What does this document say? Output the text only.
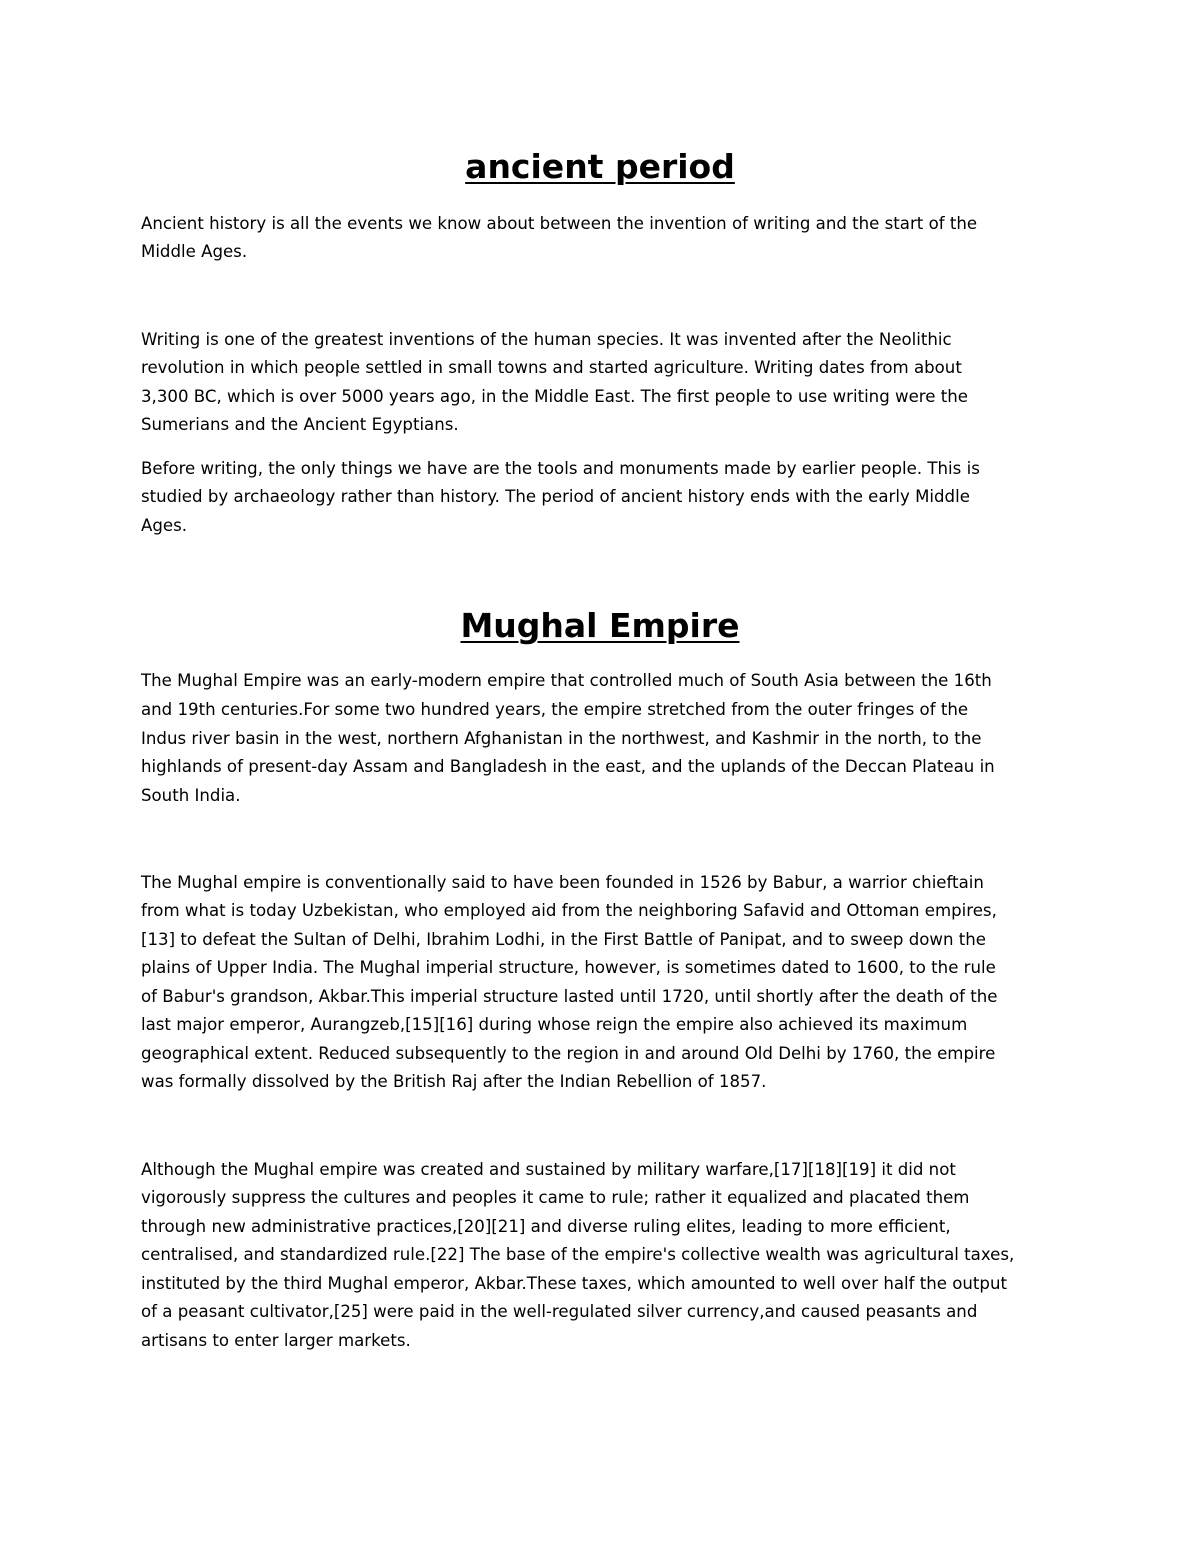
ancient period

Ancient history is all the events we know about between the invention of writing and the start of the

Middle Ages.

Writing is one of the greatest inventions of the human species. It was invented after the Neolithic

revolution in which people settled in small towns and started agriculture. Writing dates from about

3,300 BC, which is over 5000 years ago, in the Middle East. The first people to use writing were the

Sumerians and the Ancient Egyptians.

Before writing, the only things we have are the tools and monuments made by earlier people. This is

studied by archaeology rather than history. The period of ancient history ends with the early Middle

Ages.

Mughal Empire

The Mughal Empire was an early-modern empire that controlled much of South Asia between the 16th

and 19th centuries.For some two hundred years, the empire stretched from the outer fringes of the

Indus river basin in the west, northern Afghanistan in the northwest, and Kashmir in the north, to the

highlands of present-day Assam and Bangladesh in the east, and the uplands of the Deccan Plateau in

South India.

The Mughal empire is conventionally said to have been founded in 1526 by Babur, a warrior chieftain

from what is today Uzbekistan, who employed aid from the neighboring Safavid and Ottoman empires,

[13] to defeat the Sultan of Delhi, Ibrahim Lodhi, in the First Battle of Panipat, and to sweep down the

plains of Upper India. The Mughal imperial structure, however, is sometimes dated to 1600, to the rule

of Babur's grandson, Akbar.This imperial structure lasted until 1720, until shortly after the death of the

last major emperor, Aurangzeb,[15][16] during whose reign the empire also achieved its maximum

geographical extent. Reduced subsequently to the region in and around Old Delhi by 1760, the empire

was formally dissolved by the British Raj after the Indian Rebellion of 1857.

Although the Mughal empire was created and sustained by military warfare,[17][18][19] it did not

vigorously suppress the cultures and peoples it came to rule; rather it equalized and placated them

through new administrative practices,[20][21] and diverse ruling elites, leading to more efficient,

centralised, and standardized rule.[22] The base of the empire's collective wealth was agricultural taxes,

instituted by the third Mughal emperor, Akbar.These taxes, which amounted to well over half the output

of a peasant cultivator,[25] were paid in the well-regulated silver currency,and caused peasants and

artisans to enter larger markets.
